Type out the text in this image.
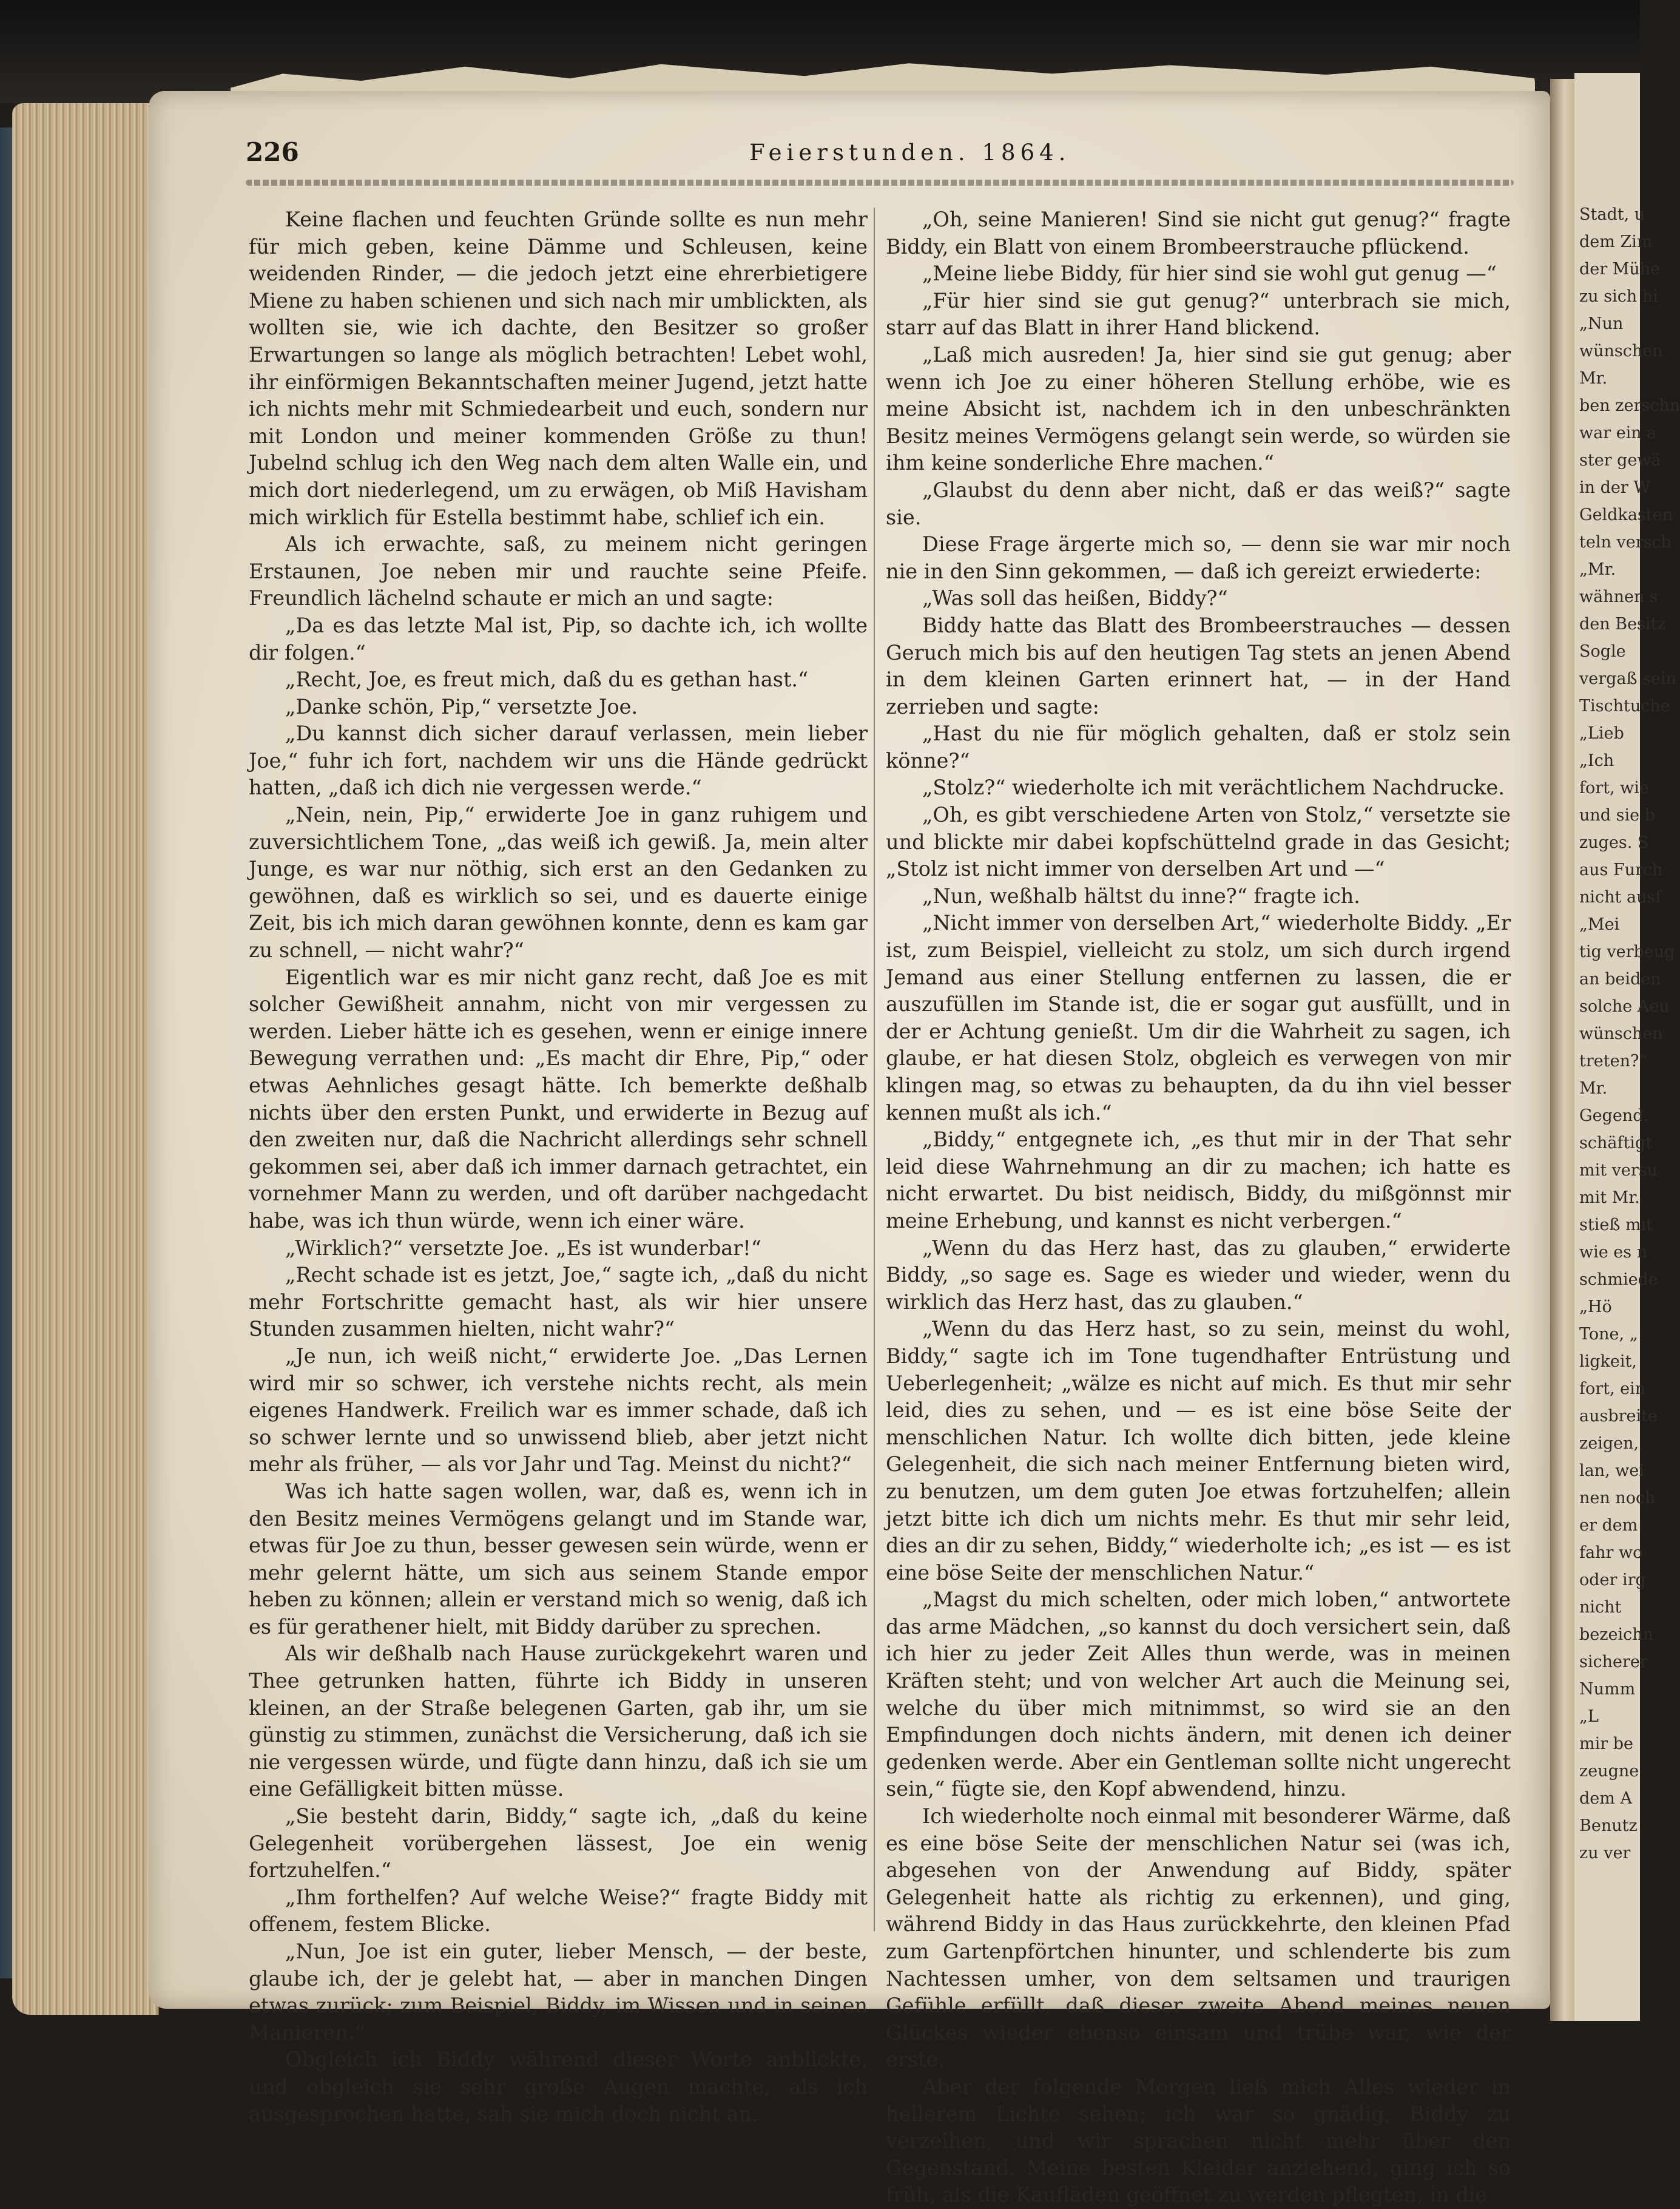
Stadt, u
dem Zim
der Mühe
zu sich hi
„Nun
wünschen
Mr.
ben zerschn
war ein a
ster gewä
in der W
Geldkasten
teln versch
„Mr.
wähnen s
den Besitz
Sogle
vergaß sein
Tischtuche
„Lieb
„Ich
fort, wie
und sie b
zuges. S
aus Furch
nicht ausf
„Mei
tig verbeug
an beiden
solche Aeu
wünschen
treten?“
Mr.
Gegend.
schäftigt
mit versu
mit Mr.
stieß mit
wie es n
schmiede
„Hö
Tone, „
ligkeit,
fort, ein
ausbreite
zeigen,
lan, wei
nen noch
er dem
fahr wo
oder irg
nicht
bezeichn
sicherer
Numm
„L
mir be
zeugne
dem A
Benutz
zu ver
226	Feierstunden. 1864.

Keine flachen und feuchten Gründe sollte es nun mehr für mich geben, keine Dämme und Schleusen, keine weidenden Rinder, — die jedoch jetzt eine ehrerbietigere Miene zu haben schienen und sich nach mir umblickten, als wollten sie, wie ich dachte, den Besitzer so großer Erwartungen so lange als möglich betrachten! Lebet wohl, ihr einförmigen Bekanntschaften meiner Jugend, jetzt hatte ich nichts mehr mit Schmiedearbeit und euch, sondern nur mit London und meiner kommenden Größe zu thun! Jubelnd schlug ich den Weg nach dem alten Walle ein, und mich dort niederlegend, um zu erwägen, ob Miß Havisham mich wirklich für Estella bestimmt habe, schlief ich ein.

Als ich erwachte, saß, zu meinem nicht geringen Erstaunen, Joe neben mir und rauchte seine Pfeife. Freundlich lächelnd schaute er mich an und sagte:

„Da es das letzte Mal ist, Pip, so dachte ich, ich wollte dir folgen.“

„Recht, Joe, es freut mich, daß du es gethan hast.“

„Danke schön, Pip,“ versetzte Joe.

„Du kannst dich sicher darauf verlassen, mein lieber Joe,“ fuhr ich fort, nachdem wir uns die Hände gedrückt hatten, „daß ich dich nie vergessen werde.“

„Nein, nein, Pip,“ erwiderte Joe in ganz ruhigem und zuversichtlichem Tone, „das weiß ich gewiß. Ja, mein alter Junge, es war nur nöthig, sich erst an den Gedanken zu gewöhnen, daß es wirklich so sei, und es dauerte einige Zeit, bis ich mich daran gewöhnen konnte, denn es kam gar zu schnell, — nicht wahr?“

Eigentlich war es mir nicht ganz recht, daß Joe es mit solcher Gewißheit annahm, nicht von mir vergessen zu werden. Lieber hätte ich es gesehen, wenn er einige innere Bewegung verrathen und: „Es macht dir Ehre, Pip,“ oder etwas Aehnliches gesagt hätte. Ich bemerkte deßhalb nichts über den ersten Punkt, und erwiderte in Bezug auf den zweiten nur, daß die Nachricht allerdings sehr schnell gekommen sei, aber daß ich immer darnach getrachtet, ein vornehmer Mann zu werden, und oft darüber nachgedacht habe, was ich thun würde, wenn ich einer wäre.

„Wirklich?“ versetzte Joe. „Es ist wunderbar!“

„Recht schade ist es jetzt, Joe,“ sagte ich, „daß du nicht mehr Fortschritte gemacht hast, als wir hier unsere Stunden zusammen hielten, nicht wahr?“

„Je nun, ich weiß nicht,“ erwiderte Joe. „Das Lernen wird mir so schwer, ich verstehe nichts recht, als mein eigenes Handwerk. Freilich war es immer schade, daß ich so schwer lernte und so unwissend blieb, aber jetzt nicht mehr als früher, — als vor Jahr und Tag. Meinst du nicht?“

Was ich hatte sagen wollen, war, daß es, wenn ich in den Besitz meines Vermögens gelangt und im Stande war, etwas für Joe zu thun, besser gewesen sein würde, wenn er mehr gelernt hätte, um sich aus seinem Stande empor heben zu können; allein er verstand mich so wenig, daß ich es für gerathener hielt, mit Biddy darüber zu sprechen.

Als wir deßhalb nach Hause zurückgekehrt waren und Thee getrunken hatten, führte ich Biddy in unseren kleinen, an der Straße belegenen Garten, gab ihr, um sie günstig zu stimmen, zunächst die Versicherung, daß ich sie nie vergessen würde, und fügte dann hinzu, daß ich sie um eine Gefälligkeit bitten müsse.

„Sie besteht darin, Biddy,“ sagte ich, „daß du keine Gelegenheit vorübergehen lässest, Joe ein wenig fortzuhelfen.“

„Ihm forthelfen? Auf welche Weise?“ fragte Biddy mit offenem, festem Blicke.

„Nun, Joe ist ein guter, lieber Mensch, — der beste, glaube ich, der je gelebt hat, — aber in manchen Dingen etwas zurück; zum Beispiel, Biddy, im Wissen und in seinen Manieren.“

Obgleich ich Biddy während dieser Worte anblickte, und obgleich sie sehr große Augen machte, als ich ausgesprochen hatte, sah sie mich doch nicht an.

„Oh, seine Manieren! Sind sie nicht gut genug?“ fragte Biddy, ein Blatt von einem Brombeerstrauche pflückend.

„Meine liebe Biddy, für hier sind sie wohl gut genug —“

„Für hier sind sie gut genug?“ unterbrach sie mich, starr auf das Blatt in ihrer Hand blickend.

„Laß mich ausreden! Ja, hier sind sie gut genug; aber wenn ich Joe zu einer höheren Stellung erhöbe, wie es meine Absicht ist, nachdem ich in den unbeschränkten Besitz meines Vermögens gelangt sein werde, so würden sie ihm keine sonderliche Ehre machen.“

„Glaubst du denn aber nicht, daß er das weiß?“ sagte sie.

Diese Frage ärgerte mich so, — denn sie war mir noch nie in den Sinn gekommen, — daß ich gereizt erwiederte:

„Was soll das heißen, Biddy?“

Biddy hatte das Blatt des Brombeerstrauches — dessen Geruch mich bis auf den heutigen Tag stets an jenen Abend in dem kleinen Garten erinnert hat, — in der Hand zerrieben und sagte:

„Hast du nie für möglich gehalten, daß er stolz sein könne?“

„Stolz?“ wiederholte ich mit verächtlichem Nachdrucke.

„Oh, es gibt verschiedene Arten von Stolz,“ versetzte sie und blickte mir dabei kopfschüttelnd grade in das Gesicht; „Stolz ist nicht immer von derselben Art und —“

„Nun, weßhalb hältst du inne?“ fragte ich.

„Nicht immer von derselben Art,“ wiederholte Biddy. „Er ist, zum Beispiel, vielleicht zu stolz, um sich durch irgend Jemand aus einer Stellung entfernen zu lassen, die er auszufüllen im Stande ist, die er sogar gut ausfüllt, und in der er Achtung genießt. Um dir die Wahrheit zu sagen, ich glaube, er hat diesen Stolz, obgleich es verwegen von mir klingen mag, so etwas zu behaupten, da du ihn viel besser kennen mußt als ich.“

„Biddy,“ entgegnete ich, „es thut mir in der That sehr leid diese Wahrnehmung an dir zu machen; ich hatte es nicht erwartet. Du bist neidisch, Biddy, du mißgönnst mir meine Erhebung, und kannst es nicht verbergen.“

„Wenn du das Herz hast, das zu glauben,“ erwiderte Biddy, „so sage es. Sage es wieder und wieder, wenn du wirklich das Herz hast, das zu glauben.“

„Wenn du das Herz hast, so zu sein, meinst du wohl, Biddy,“ sagte ich im Tone tugendhafter Entrüstung und Ueberlegenheit; „wälze es nicht auf mich. Es thut mir sehr leid, dies zu sehen, und — es ist eine böse Seite der menschlichen Natur. Ich wollte dich bitten, jede kleine Gelegenheit, die sich nach meiner Entfernung bieten wird, zu benutzen, um dem guten Joe etwas fortzuhelfen; allein jetzt bitte ich dich um nichts mehr. Es thut mir sehr leid, dies an dir zu sehen, Biddy,“ wiederholte ich; „es ist — es ist eine böse Seite der menschlichen Natur.“

„Magst du mich schelten, oder mich loben,“ antwortete das arme Mädchen, „so kannst du doch versichert sein, daß ich hier zu jeder Zeit Alles thun werde, was in meinen Kräften steht; und von welcher Art auch die Meinung sei, welche du über mich mitnimmst, so wird sie an den Empfindungen doch nichts ändern, mit denen ich deiner gedenken werde. Aber ein Gentleman sollte nicht ungerecht sein,“ fügte sie, den Kopf abwendend, hinzu.

Ich wiederholte noch einmal mit besonderer Wärme, daß es eine böse Seite der menschlichen Natur sei (was ich, abgesehen von der Anwendung auf Biddy, später Gelegenheit hatte als richtig zu erkennen), und ging, während Biddy in das Haus zurückkehrte, den kleinen Pfad zum Gartenpförtchen hinunter, und schlenderte bis zum Nachtessen umher, von dem seltsamen und traurigen Gefühle erfüllt, daß dieser zweite Abend meines neuen Glückes wieder ebenso einsam und trübe war, wie der erste.

Aber der folgende Morgen ließ mich Alles wieder in hellerem Lichte sehen; ich war so gnädig, Biddy zu verzeihen, und wir sprachen nicht mehr über den Gegenstand. Meine besten Kleider anziehend, ging ich so früh, als die Kaufläden geöffnet zu werden pflegten, in die
